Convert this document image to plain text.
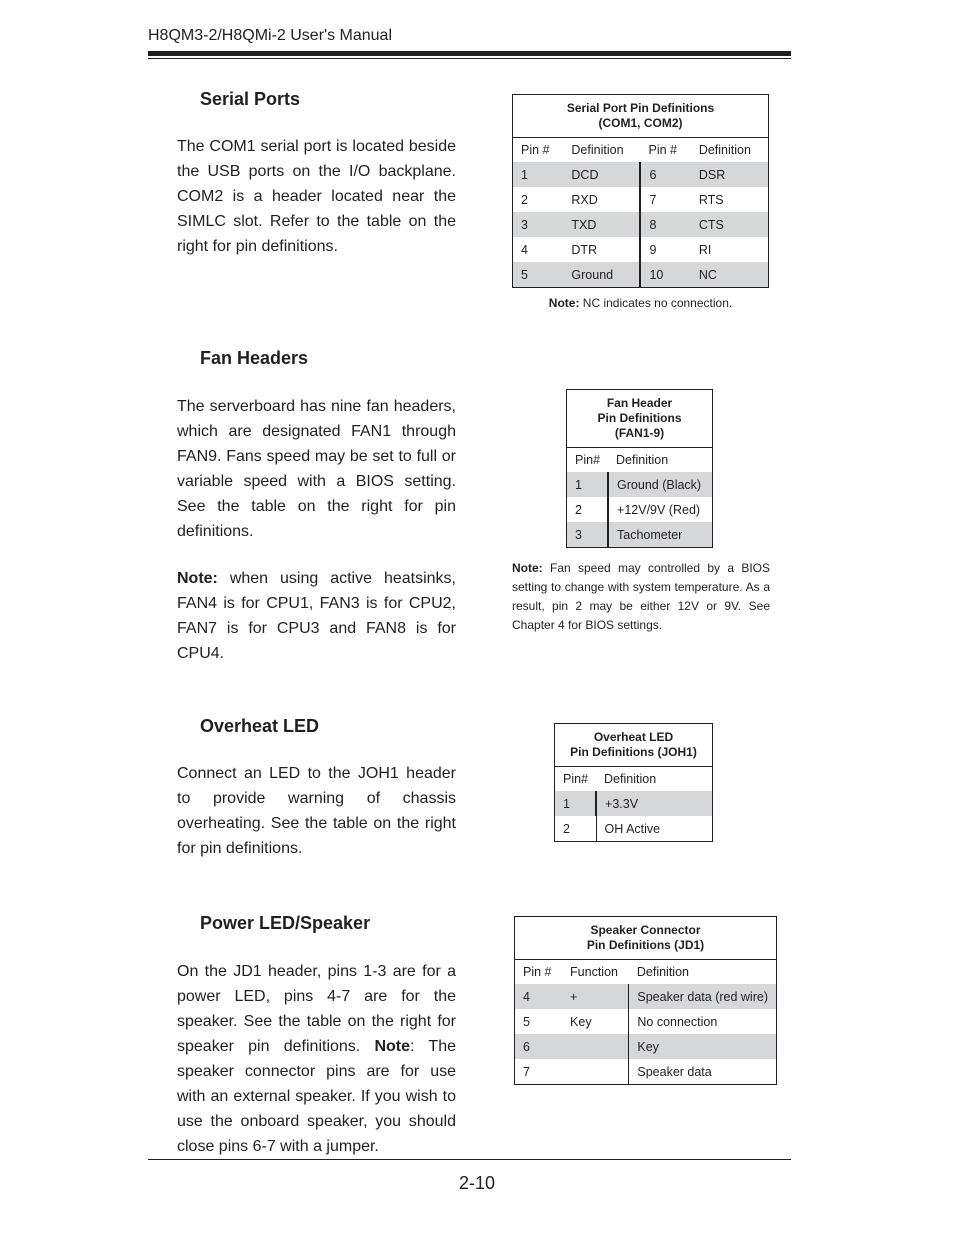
H8QM3-2/H8QMi-2 User's Manual
Serial Ports

The COM1 serial port is located beside the USB ports on the I/O backplane. COM2 is a header located near the SIMLC slot. Refer to the table on the right for pin definitions.

Serial Port Pin Definitions
(COM1, COM2)			
Pin #	Definition	Pin #	Definition
1	DCD	6	DSR
2	RXD	7	RTS
3	TXD	8	CTS
4	DTR	9	RI
5	Ground	10	NC
Note: NC indicates no connection.
Fan Headers

The serverboard has nine fan headers, which are designated FAN1 through FAN9. Fans speed may be set to full or variable speed with a BIOS setting. See the table on the right for pin definitions.

Note: when using active heatsinks, FAN4 is for CPU1, FAN3 is for CPU2, FAN7 is for CPU3 and FAN8 is for CPU4.

Fan Header
Pin Definitions
(FAN1-9)	
Pin#	Definition
1	Ground (Black)
2	+12V/9V (Red)
3	Tachometer
Note: Fan speed may controlled by a BIOS setting to change with system temperature. As a result, pin 2 may be either 12V or 9V. See Chapter 4 for BIOS settings.
Overheat LED

Connect an LED to the JOH1 header to provide warning of chassis overheating. See the table on the right for pin definitions.

Overheat LED
Pin Definitions (JOH1)	
Pin#	Definition
1	+3.3V
2	OH Active
Power LED/Speaker

On the JD1 header, pins 1-3 are for a power LED, pins 4-7 are for the speaker. See the table on the right for speaker pin definitions. Note: The speaker connector pins are for use with an external speaker. If you wish to use the onboard speaker, you should close pins 6-7 with a jumper.

Speaker Connector
Pin Definitions (JD1)		
Pin #	Function	Definition
4	+	Speaker data (red wire)
5	Key	No connection
6		Key
7		Speaker data
2-10
